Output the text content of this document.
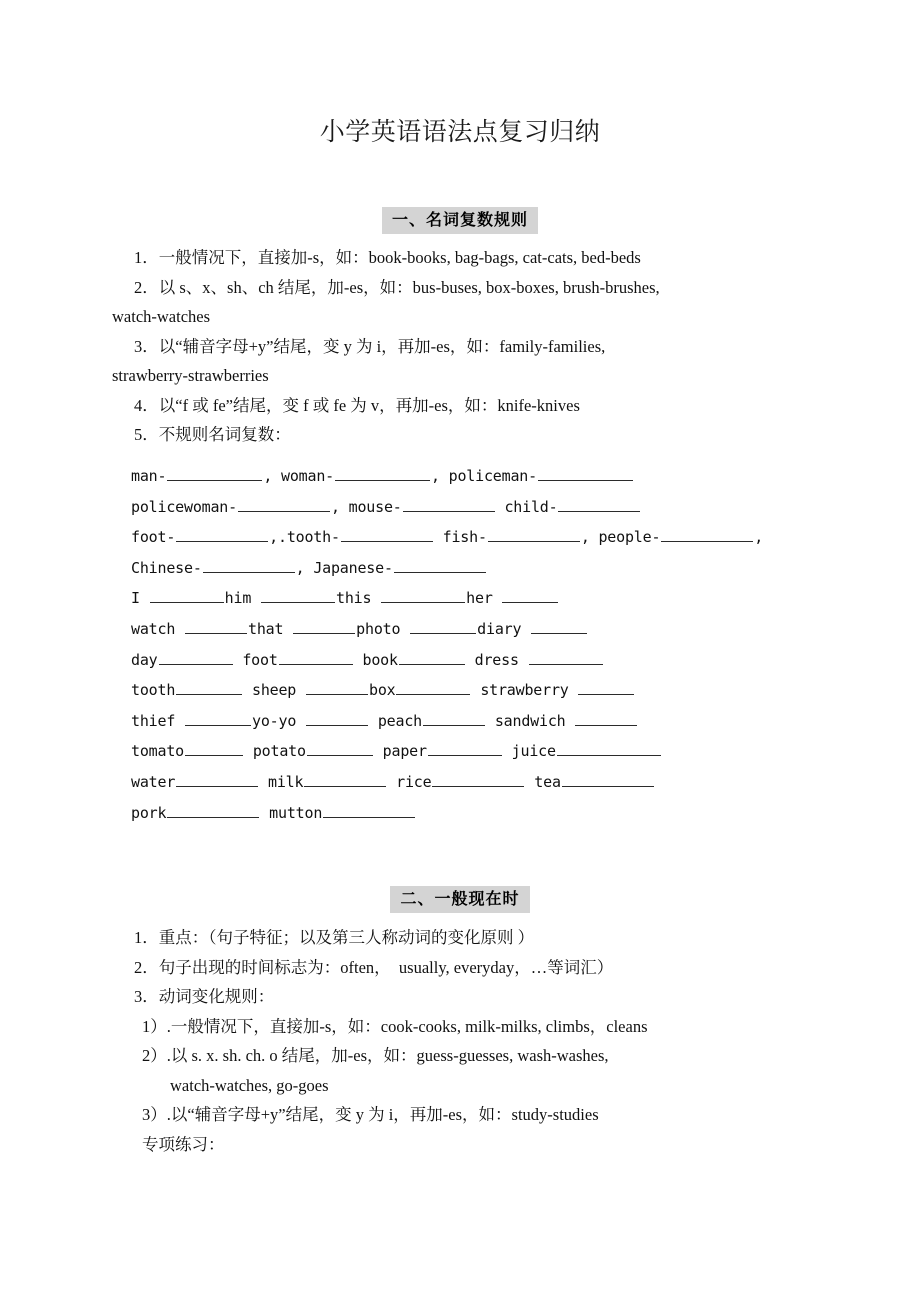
小学英语语法点复习归纳
一、名词复数规则
1．一般情况下，直接加-s，如：book-books, bag-bags, cat-cats, bed-beds
2．以 s、x、sh、ch 结尾，加-es，如：bus-buses, box-boxes, brush-brushes,
watch-watches
3．以“辅音字母+y”结尾，变 y 为 i，再加-es，如：family-families,
strawberry-strawberries
4．以“f 或 fe”结尾，变 f 或 fe 为 v，再加-es，如：knife-knives
5．不规则名词复数：
man-	, woman-	, policeman-
policewoman-	, mouse-	child-
foot-	,.tooth-	fish-	, people-	,
Chinese-	, Japanese-
I	him	this	her
watch	that	photo	diary
day	foot	book	dress
tooth	sheep	box	strawberry
thief	yo-yo	peach	sandwich
tomato	potato	paper	juice
water	milk	rice	tea
pork	mutton
二、一般现在时
1．重点：（句子特征；以及第三人称动词的变化原则 ）
2．句子出现的时间标志为：often，  usually, everyday，…等词汇）
3．动词变化规则：
1）.一般情况下，直接加-s，如：cook-cooks, milk-milks, climbs，cleans
2）.以 s. x. sh. ch. o 结尾，加-es，如：guess-guesses, wash-washes,
watch-watches, go-goes
3）.以“辅音字母+y”结尾，变 y 为 i，再加-es，如：study-studies
专项练习：
